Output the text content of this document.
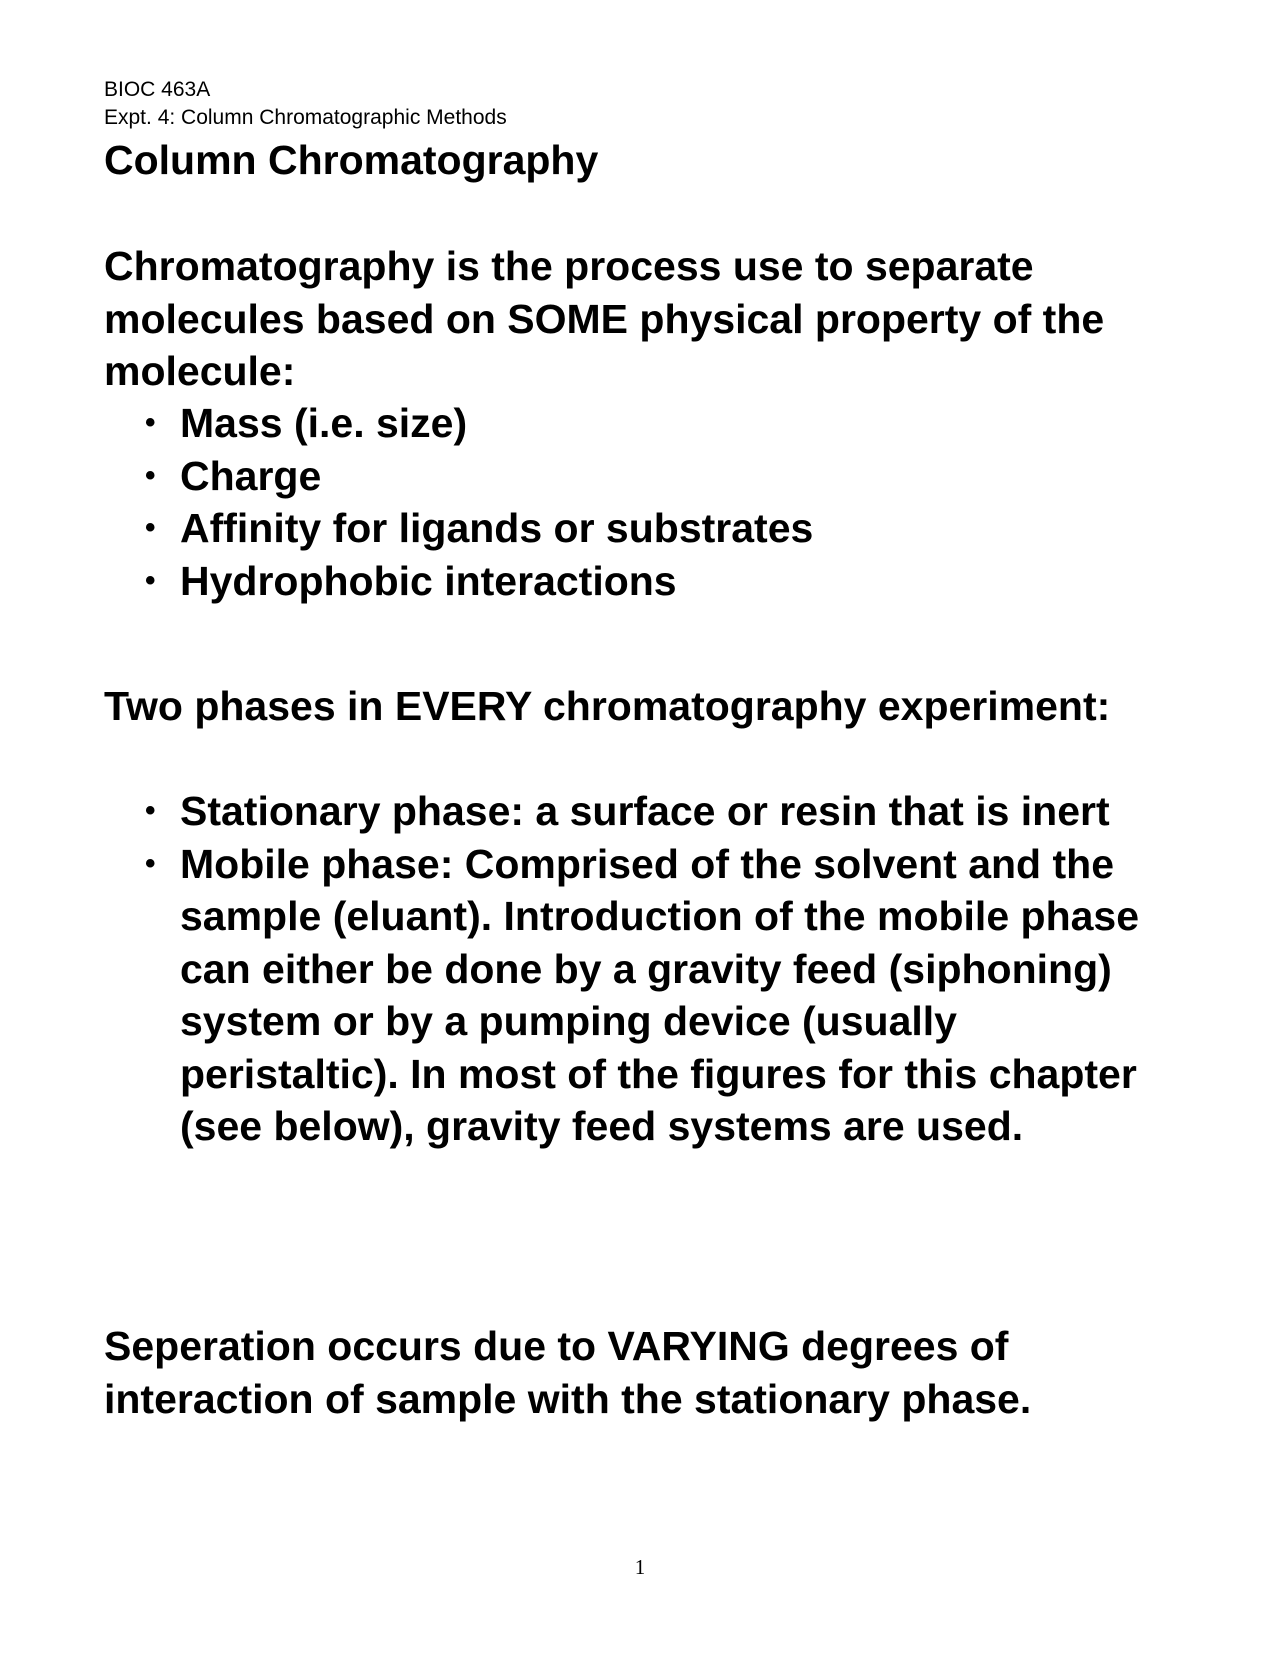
BIOC 463A
Expt. 4: Column Chromatographic Methods
Column Chromatography

Chromatography is the process use to separate molecules based on SOME physical property of the molecule:

• Mass (i.e. size)
• Charge
• Affinity for ligands or substrates
• Hydrophobic interactions

Two phases in EVERY chromatography experiment:

• Stationary phase: a surface or resin that is inert
• Mobile phase: Comprised of the solvent and the sample (eluant). Introduction of the mobile phase can either be done by a gravity feed (siphoning) system or by a pumping device (usually peristaltic). In most of the figures for this chapter (see below), gravity feed systems are used.

Seperation occurs due to VARYING degrees of interaction of sample with the stationary phase.

1
